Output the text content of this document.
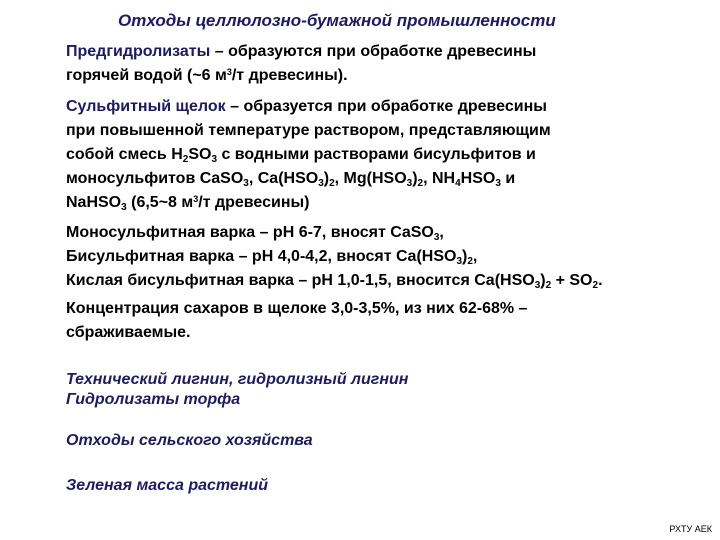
Отходы целлюлозно-бумажной промышленности
Предгидролизаты – образуются при обработке древесины
горячей водой (~6 $м^3/т$ древесины).
Сульфитный щелок – образуется при обработке древесины
при повышенной температуре раствором, представляющим
собой смесь $H_2SO_3$ с водными растворами бисульфитов и
моносульфитов CaSO$_3$, $Ca(HSO_3)_2$, $Mg(HSO_3)_2$, $NH_4HSO_3$ и
NaHSO$_3$ (6,5~8 $м^3/т$ древесины)
Моносульфитная варка – рН 6-7, вносят CaSO$_3$,
Бисульфитная варка – рН 4,0-4,2, вносят $Ca(HSO_3)_2$,
Кислая бисульфитная варка – рН 1,0-1,5, вносится $Ca(HSO_3)_2 + SO_2$.
Концентрация сахаров в щелоке 3,0-3,5%, из них 62-68% –
сбраживаемые.
Технический лигнин, гидролизный лигнин
Гидролизаты торфа
Отходы сельского хозяйства
Зеленая масса растений
РХТУ АЕК
